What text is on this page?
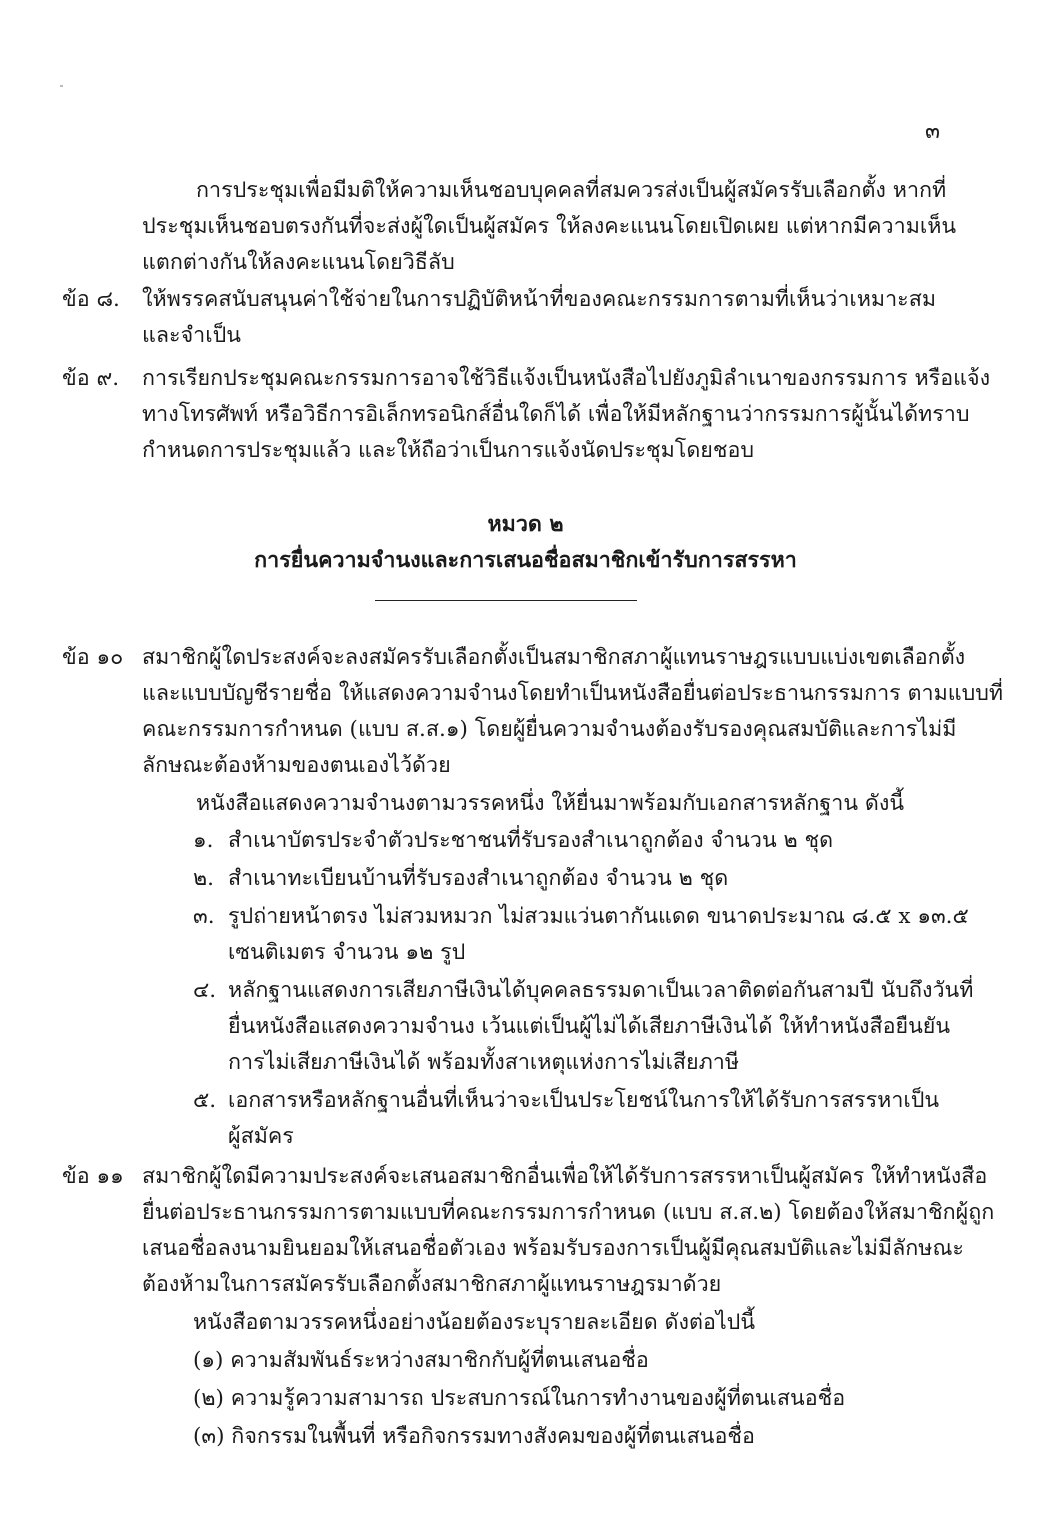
๓
การประชุมเพื่อมีมติให้ความเห็นชอบบุคคลที่สมควรส่งเป็นผู้สมัครรับเลือกตั้ง หากที่
ประชุมเห็นชอบตรงกันที่จะส่งผู้ใดเป็นผู้สมัคร ให้ลงคะแนนโดยเปิดเผย แต่หากมีความเห็น
แตกต่างกันให้ลงคะแนนโดยวิธีลับ
ข้อ ๘. ให้พรรคสนับสนุนค่าใช้จ่ายในการปฏิบัติหน้าที่ของคณะกรรมการตามที่เห็นว่าเหมาะสม
และจำเป็น
ข้อ ๙. การเรียกประชุมคณะกรรมการอาจใช้วิธีแจ้งเป็นหนังสือไปยังภูมิลำเนาของกรรมการ หรือแจ้ง
ทางโทรศัพท์ หรือวิธีการอิเล็กทรอนิกส์อื่นใดก็ได้ เพื่อให้มีหลักฐานว่ากรรมการผู้นั้นได้ทราบ
กำหนดการประชุมแล้ว และให้ถือว่าเป็นการแจ้งนัดประชุมโดยชอบ
หมวด ๒
การยื่นความจำนงและการเสนอชื่อสมาชิกเข้ารับการสรรหา
ข้อ ๑๐ สมาชิกผู้ใดประสงค์จะลงสมัครรับเลือกตั้งเป็นสมาชิกสภาผู้แทนราษฎรแบบแบ่งเขตเลือกตั้ง
และแบบบัญชีรายชื่อ ให้แสดงความจำนงโดยทำเป็นหนังสือยื่นต่อประธานกรรมการ ตามแบบที่
คณะกรรมการกำหนด (แบบ ส.ส.๑) โดยผู้ยื่นความจำนงต้องรับรองคุณสมบัติและการไม่มี
ลักษณะต้องห้ามของตนเองไว้ด้วย
หนังสือแสดงความจำนงตามวรรคหนึ่ง ให้ยื่นมาพร้อมกับเอกสารหลักฐาน ดังนี้
๑. สำเนาบัตรประจำตัวประชาชนที่รับรองสำเนาถูกต้อง จำนวน ๒ ชุด
๒. สำเนาทะเบียนบ้านที่รับรองสำเนาถูกต้อง จำนวน ๒ ชุด
๓. รูปถ่ายหน้าตรง ไม่สวมหมวก ไม่สวมแว่นตากันแดด ขนาดประมาณ ๘.๕ x ๑๓.๕
เซนติเมตร จำนวน ๑๒ รูป
๔. หลักฐานแสดงการเสียภาษีเงินได้บุคคลธรรมดาเป็นเวลาติดต่อกันสามปี นับถึงวันที่
ยื่นหนังสือแสดงความจำนง เว้นแต่เป็นผู้ไม่ได้เสียภาษีเงินได้ ให้ทำหนังสือยืนยัน
การไม่เสียภาษีเงินได้ พร้อมทั้งสาเหตุแห่งการไม่เสียภาษี
๕. เอกสารหรือหลักฐานอื่นที่เห็นว่าจะเป็นประโยชน์ในการให้ได้รับการสรรหาเป็น
ผู้สมัคร
ข้อ ๑๑ สมาชิกผู้ใดมีความประสงค์จะเสนอสมาชิกอื่นเพื่อให้ได้รับการสรรหาเป็นผู้สมัคร ให้ทำหนังสือ
ยื่นต่อประธานกรรมการตามแบบที่คณะกรรมการกำหนด (แบบ ส.ส.๒) โดยต้องให้สมาชิกผู้ถูก
เสนอชื่อลงนามยินยอมให้เสนอชื่อตัวเอง พร้อมรับรองการเป็นผู้มีคุณสมบัติและไม่มีลักษณะ
ต้องห้ามในการสมัครรับเลือกตั้งสมาชิกสภาผู้แทนราษฎรมาด้วย
หนังสือตามวรรคหนึ่งอย่างน้อยต้องระบุรายละเอียด ดังต่อไปนี้
(๑) ความสัมพันธ์ระหว่างสมาชิกกับผู้ที่ตนเสนอชื่อ
(๒) ความรู้ความสามารถ ประสบการณ์ในการทำงานของผู้ที่ตนเสนอชื่อ
(๓) กิจกรรมในพื้นที่ หรือกิจกรรมทางสังคมของผู้ที่ตนเสนอชื่อ
